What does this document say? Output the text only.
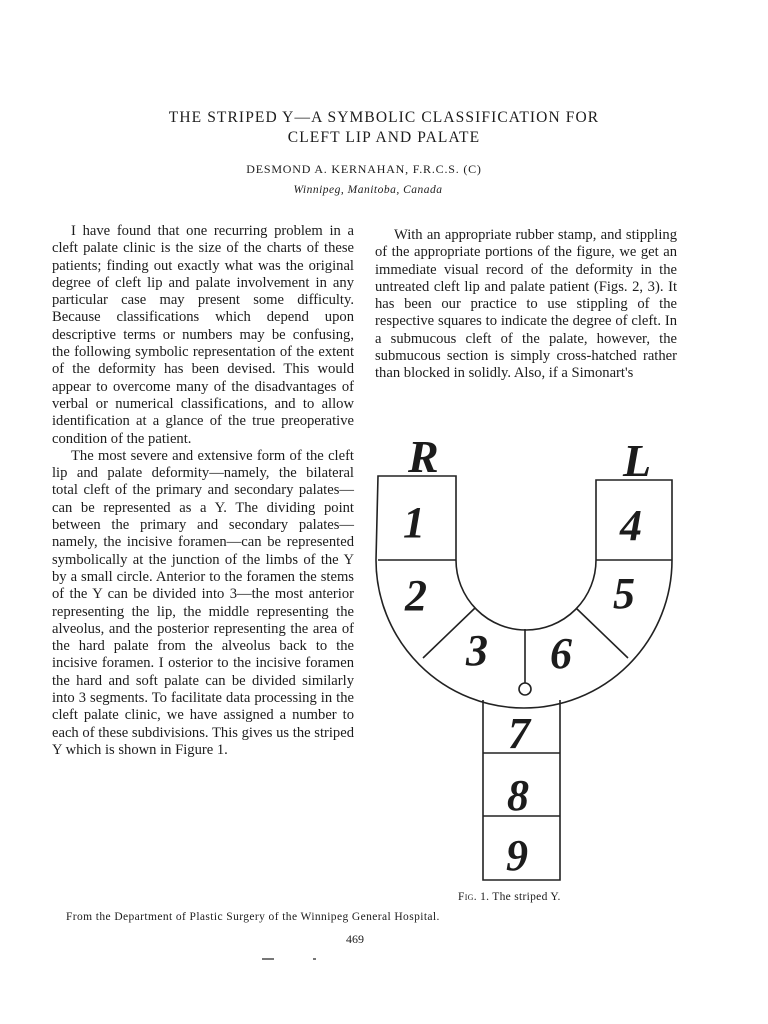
THE STRIPED Y—A SYMBOLIC CLASSIFICATION FOR
CLEFT LIP AND PALATE
DESMOND A. KERNAHAN, F.R.C.S. (C)
Winnipeg, Manitoba, Canada

I have found that one recurring problem in a cleft palate clinic is the size of the charts of these patients; finding out exactly what was the original degree of cleft lip and palate involvement in any particular case may present some difficulty. Because classifications which depend upon descriptive terms or numbers may be confusing, the following symbolic representation of the extent of the deformity has been devised. This would appear to overcome many of the disadvantages of verbal or numerical classifications, and to allow identification at a glance of the true preoperative condition of the patient.

The most severe and extensive form of the cleft lip and palate deformity—namely, the bilateral total cleft of the primary and secondary palates—can be represented as a Y. The dividing point between the primary and secondary palates—namely, the incisive foramen—can be represented symbolically at the junction of the limbs of the Y by a small circle. Anterior to the foramen the stems of the Y can be divided into 3—the most anterior representing the lip, the middle representing the alveolus, and the posterior representing the area of the hard palate from the alveolus back to the incisive foramen. I osterior to the incisive foramen the hard and soft palate can be divided similarly into 3 segments. To facilitate data processing in the cleft palate clinic, we have assigned a number to each of these subdivisions. This gives us the striped Y which is shown in Figure 1.

With an appropriate rubber stamp, and stippling of the appropriate portions of the figure, we get an immediate visual record of the deformity in the untreated cleft lip and palate patient (Figs. 2, 3). It has been our practice to use stippling of the respective squares to indicate the degree of cleft. In a submucous cleft of the palate, however, the submucous section is simply cross-hatched rather than blocked in solidly. Also, if a Simonart's

R	L
1
2
3
4
5
6
7
8
9
Fig. 1. The striped Y.
From the Department of Plastic Surgery of the Winnipeg General Hospital.
469
